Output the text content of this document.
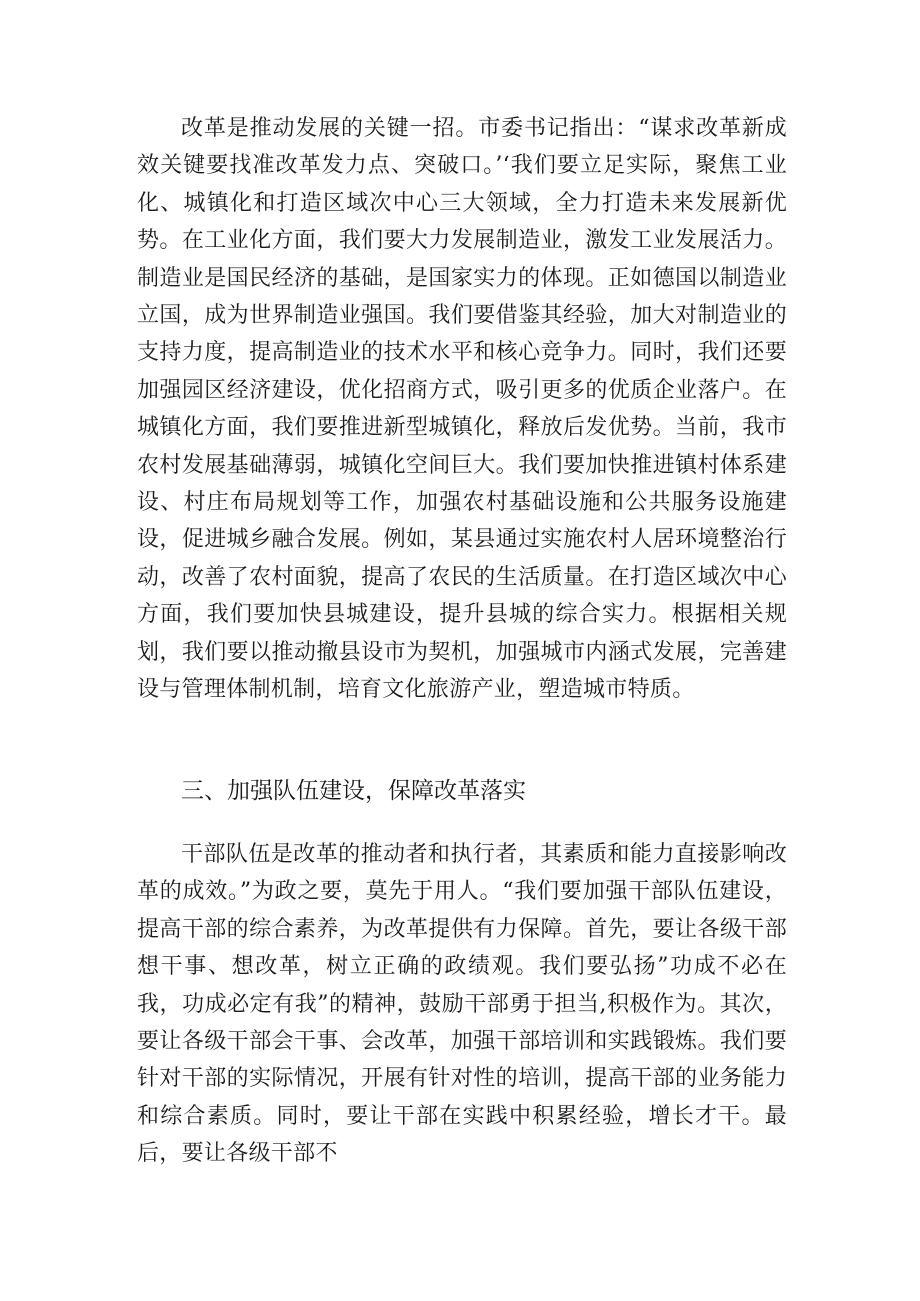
改革是推动发展的关键一招。市委书记指出：“谋求改革新成效关键要找准改革发力点、突破口。’‘我们要立足实际，聚焦工业化、城镇化和打造区域次中心三大领域，全力打造未来发展新优势。在工业化方面，我们要大力发展制造业，激发工业发展活力。制造业是国民经济的基础，是国家实力的体现。正如德国以制造业立国，成为世界制造业强国。我们要借鉴其经验，加大对制造业的支持力度，提高制造业的技术水平和核心竞争力。同时，我们还要加强园区经济建设，优化招商方式，吸引更多的优质企业落户。在城镇化方面，我们要推进新型城镇化，释放后发优势。当前，我市农村发展基础薄弱，城镇化空间巨大。我们要加快推进镇村体系建设、村庄布局规划等工作，加强农村基础设施和公共服务设施建设，促进城乡融合发展。例如，某县通过实施农村人居环境整治行动，改善了农村面貌，提高了农民的生活质量。在打造区域次中心方面，我们要加快县城建设，提升县城的综合实力。根据相关规划，我们要以推动撤县设市为契机，加强城市内涵式发展，完善建设与管理体制机制，培育文化旅游产业，塑造城市特质。

三、加强队伍建设，保障改革落实

干部队伍是改革的推动者和执行者，其素质和能力直接影响改革的成效。”为政之要，莫先于用人。“我们要加强干部队伍建设，提高干部的综合素养，为改革提供有力保障。首先，要让各级干部想干事、想改革，树立正确的政绩观。我们要弘扬”功成不必在我，功成必定有我”的精神，鼓励干部勇于担当,积极作为。其次，要让各级干部会干事、会改革，加强干部培训和实践锻炼。我们要针对干部的实际情况，开展有针对性的培训，提高干部的业务能力和综合素质。同时，要让干部在实践中积累经验，增长才干。最后，要让各级干部不
